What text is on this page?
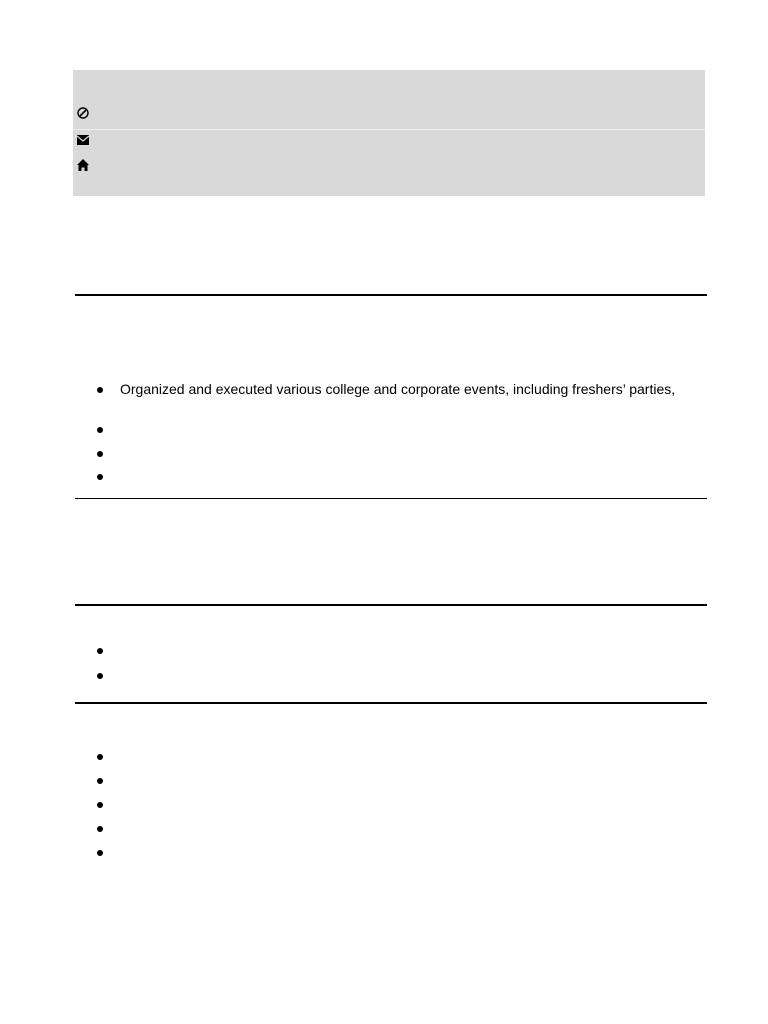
Organized and executed various college and corporate events, including freshers’ parties,
